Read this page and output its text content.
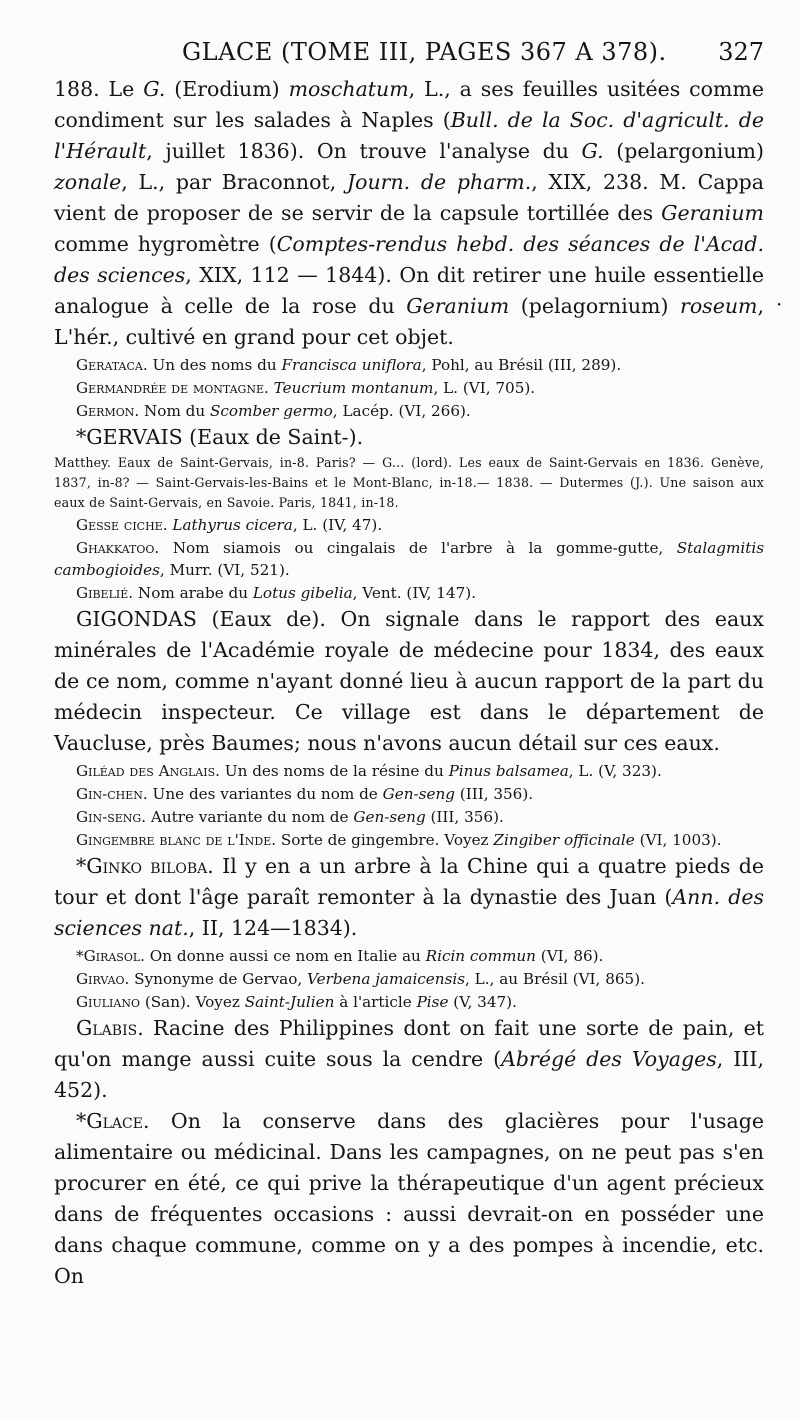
GLACE (TOME III, PAGES 367 A 378). 327

188. Le G. (Erodium) moschatum, L., a ses feuilles usitées comme condiment sur les salades à Naples (Bull. de la Soc. d'agricult. de l'Hérault, juillet 1836). On trouve l'analyse du G. (pelargonium) zonale, L., par Braconnot, Journ. de pharm., XIX, 238. M. Cappa vient de proposer de se servir de la capsule tortillée des Geranium comme hygromètre (Comptes-rendus hebd. des séances de l'Acad. des sciences, XIX, 112 — 1844). On dit retirer une huile essentielle analogue à celle de la rose du Geranium (pelagornium) roseum, L'hér., cultivé en grand pour cet objet.

Gerataca. Un des noms du Francisca uniflora, Pohl, au Brésil (III, 289).

Germandrée de montagne. Teucrium montanum, L. (VI, 705).

Germon. Nom du Scomber germo, Lacép. (VI, 266).

*GERVAIS (Eaux de Saint-).

Matthey. Eaux de Saint-Gervais, in-8. Paris? — G... (lord). Les eaux de Saint-Gervais en 1836. Genève, 1837, in-8? — Saint-Gervais-les-Bains et le Mont-Blanc, in-18.— 1838. — Dutermes (J.). Une saison aux eaux de Saint-Gervais, en Savoie. Paris, 1841, in-18.

Gesse ciche. Lathyrus cicera, L. (IV, 47).

Ghakkatoo. Nom siamois ou cingalais de l'arbre à la gomme-gutte, Stalagmitis cambogioides, Murr. (VI, 521).

Gibelié. Nom arabe du Lotus gibelia, Vent. (IV, 147).

GIGONDAS (Eaux de). On signale dans le rapport des eaux minérales de l'Académie royale de médecine pour 1834, des eaux de ce nom, comme n'ayant donné lieu à aucun rapport de la part du médecin inspecteur. Ce village est dans le département de Vaucluse, près Baumes; nous n'avons aucun détail sur ces eaux.

Giléad des Anglais. Un des noms de la résine du Pinus balsamea, L. (V, 323).

Gin-chen. Une des variantes du nom de Gen-seng (III, 356).

Gin-seng. Autre variante du nom de Gen-seng (III, 356).

Gingembre blanc de l'Inde. Sorte de gingembre. Voyez Zingiber officinale (VI, 1003).

*Ginko biloba. Il y en a un arbre à la Chine qui a quatre pieds de tour et dont l'âge paraît remonter à la dynastie des Juan (Ann. des sciences nat., II, 124—1834).

*Girasol. On donne aussi ce nom en Italie au Ricin commun (VI, 86).

Girvao. Synonyme de Gervao, Verbena jamaicensis, L., au Brésil (VI, 865).

Giuliano (San). Voyez Saint-Julien à l'article Pise (V, 347).

Glabis. Racine des Philippines dont on fait une sorte de pain, et qu'on mange aussi cuite sous la cendre (Abrégé des Voyages, III, 452).

*Glace. On la conserve dans des glacières pour l'usage alimentaire ou médicinal. Dans les campagnes, on ne peut pas s'en procurer en été, ce qui prive la thérapeutique d'un agent précieux dans de fréquentes occasions : aussi devrait-on en posséder une dans chaque commune, comme on y a des pompes à incendie, etc. On

·
